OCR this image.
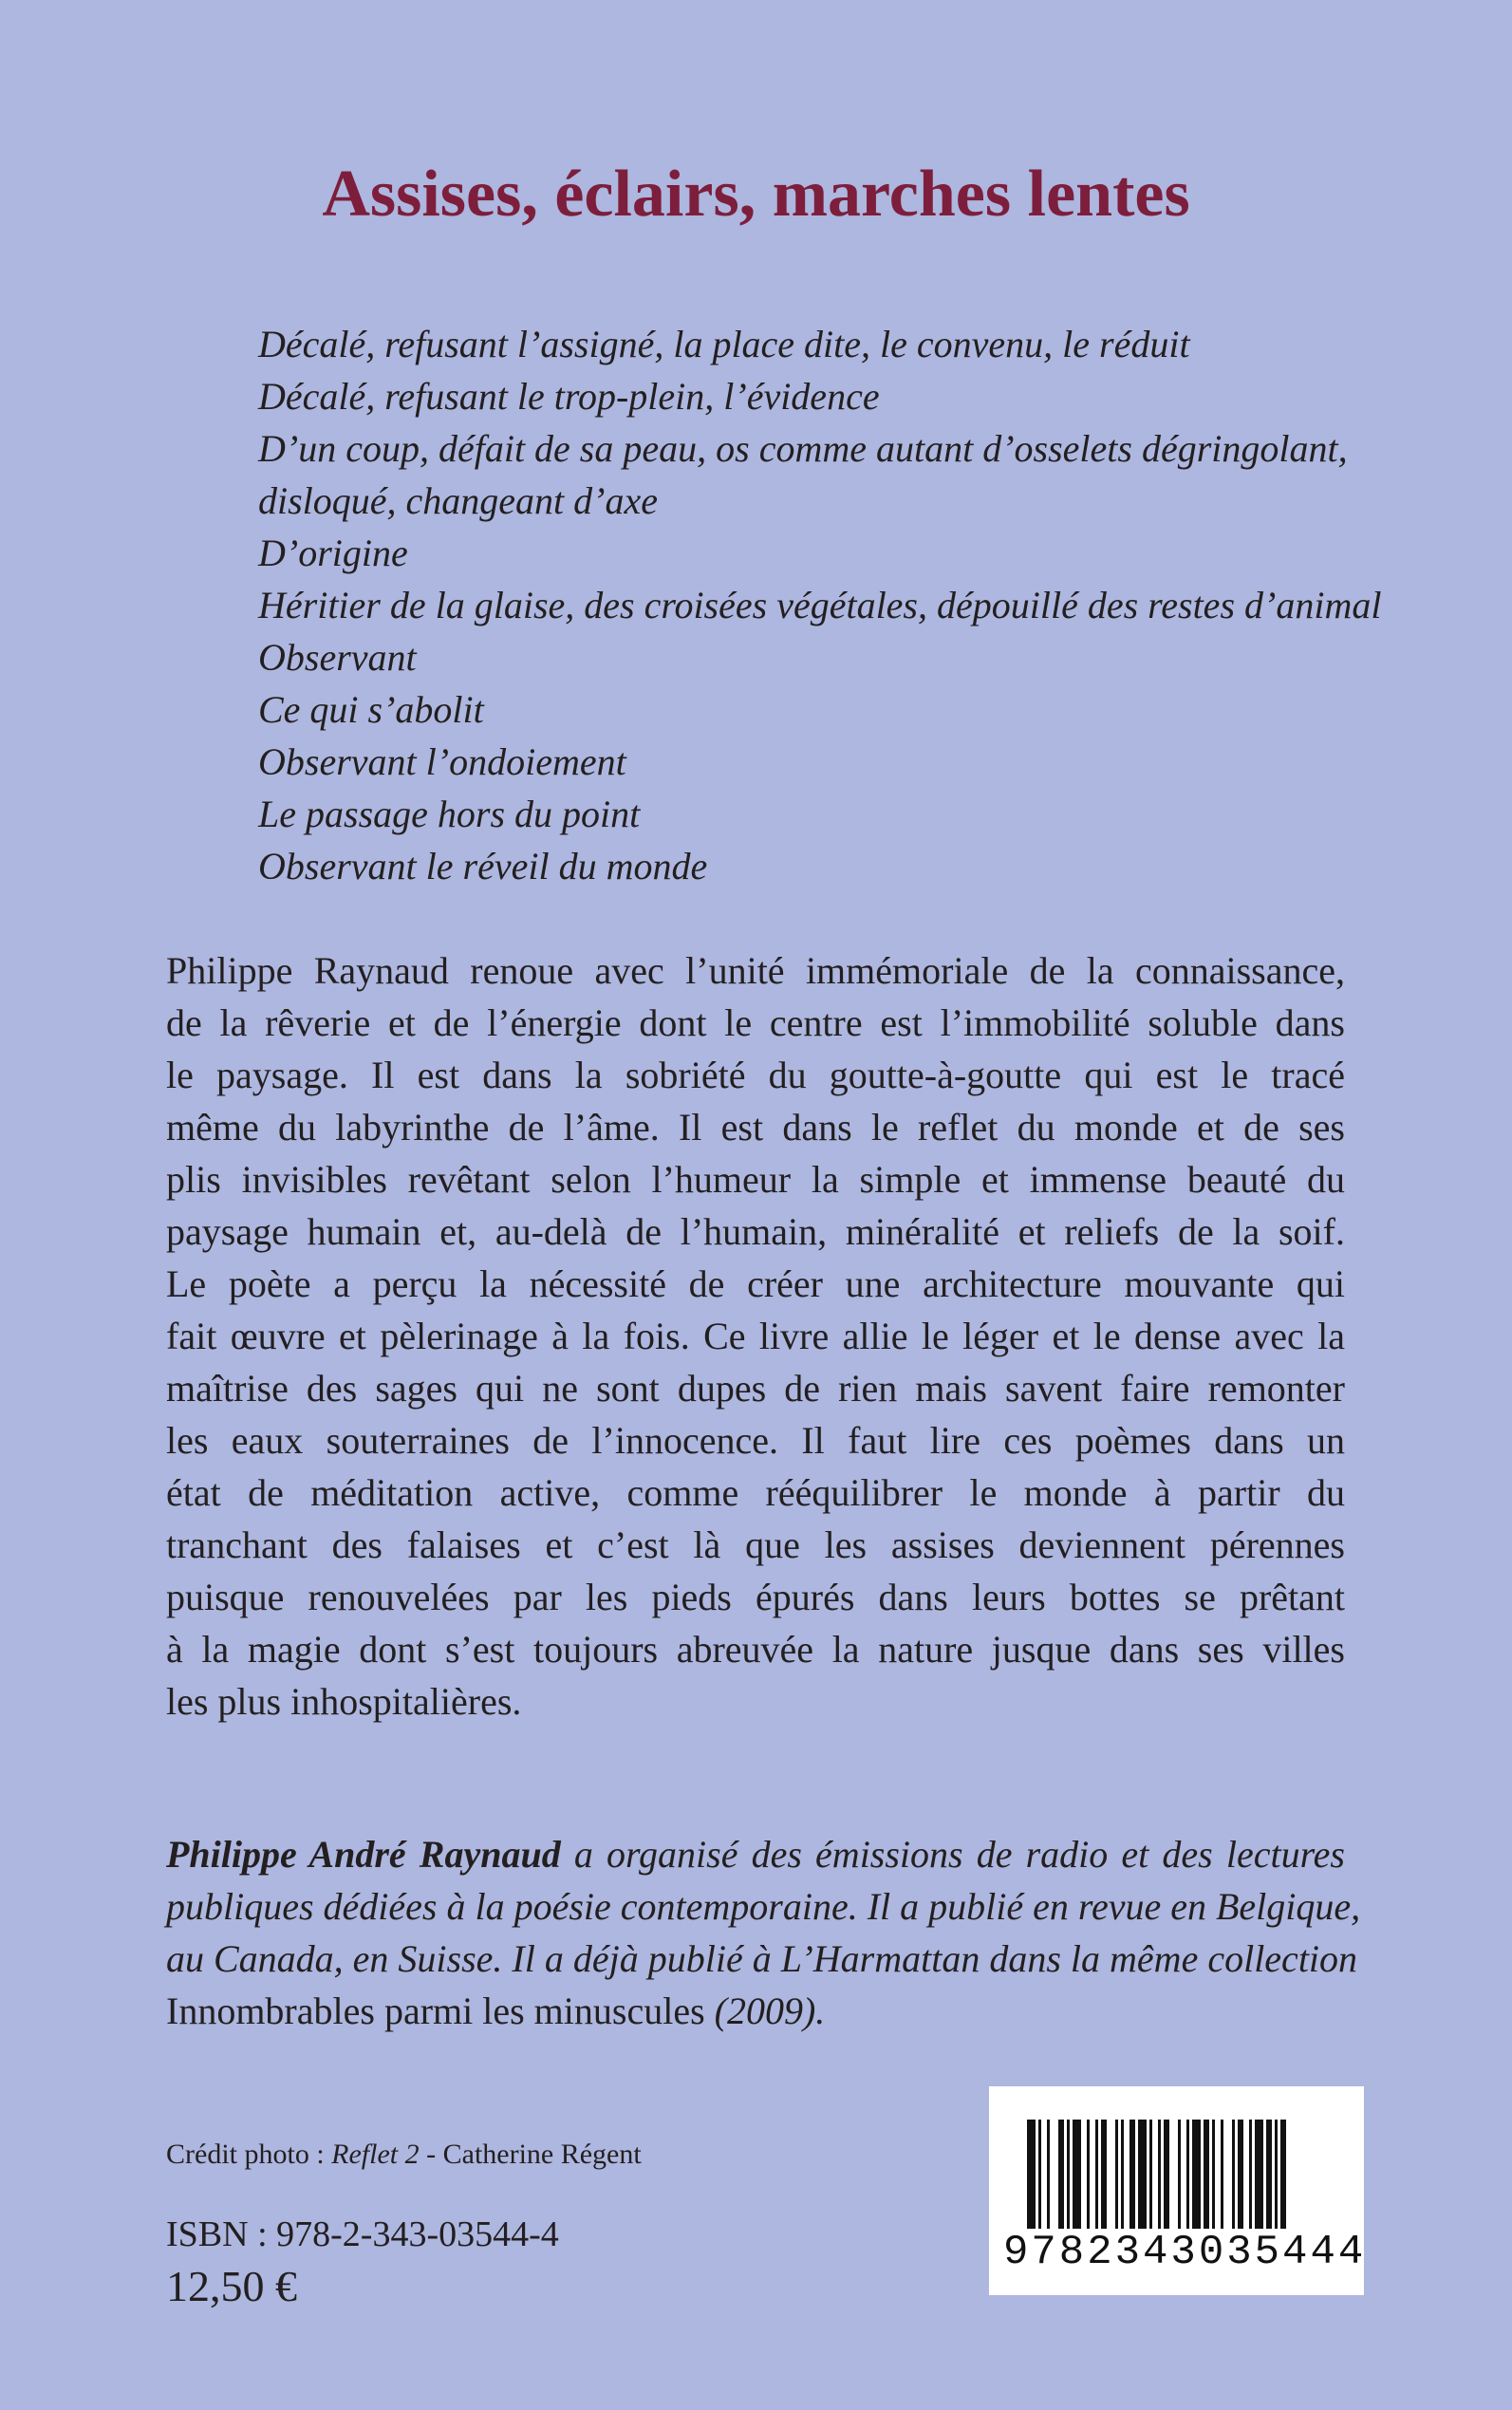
Assises, éclairs, marches lentes
Décalé, refusant l’assigné, la place dite, le convenu, le réduit
Décalé, refusant le trop-plein, l’évidence
D’un coup, défait de sa peau, os comme autant d’osselets dégringolant,
disloqué, changeant d’axe
D’origine
Héritier de la glaise, des croisées végétales, dépouillé des restes d’animal
Observant
Ce qui s’abolit
Observant l’ondoiement
Le passage hors du point
Observant le réveil du monde
Philippe Raynaud renoue avec l’unité immémoriale de la connaissance,
de la rêverie et de l’énergie dont le centre est l’immobilité soluble dans
le paysage. Il est dans la sobriété du goutte-à-goutte qui est le tracé
même du labyrinthe de l’âme. Il est dans le reflet du monde et de ses
plis invisibles revêtant selon l’humeur la simple et immense beauté du
paysage humain et, au-delà de l’humain, minéralité et reliefs de la soif.
Le poète a perçu la nécessité de créer une architecture mouvante qui
fait œuvre et pèlerinage à la fois. Ce livre allie le léger et le dense avec la
maîtrise des sages qui ne sont dupes de rien mais savent faire remonter
les eaux souterraines de l’innocence. Il faut lire ces poèmes dans un
état de méditation active, comme rééquilibrer le monde à partir du
tranchant des falaises et c’est là que les assises deviennent pérennes
puisque renouvelées par les pieds épurés dans leurs bottes se prêtant
à la magie dont s’est toujours abreuvée la nature jusque dans ses villes
les plus inhospitalières.
Philippe André Raynaud a organisé des émissions de radio et des lectures
publiques dédiées à la poésie contemporaine. Il a publié en revue en Belgique,
au Canada, en Suisse. Il a déjà publié à L’Harmattan dans la même collection
Innombrables parmi les minuscules (2009).
Crédit photo : Reflet 2 - Catherine Régent
ISBN : 978-2-343-03544-4
12,50 €
9782343035444
